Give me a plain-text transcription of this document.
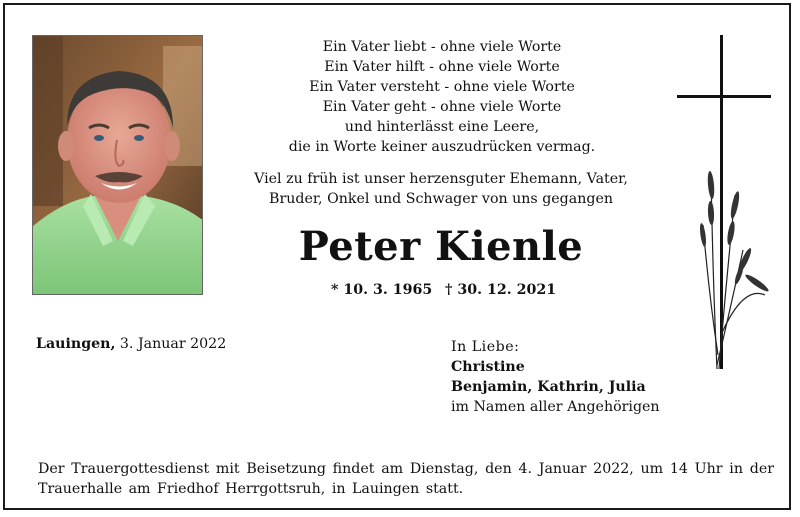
Ein Vater liebt - ohne viele Worte
Ein Vater hilft - ohne viele Worte
Ein Vater versteht - ohne viele Worte
Ein Vater geht - ohne viele Worte
und hinterlässt eine Leere,
die in Worte keiner auszudrücken vermag.
Viel zu früh ist unser herzensguter Ehemann, Vater,
Bruder, Onkel und Schwager von uns gegangen
Peter Kienle
* 10. 3. 1965 † 30. 12. 2021
Lauingen, 3. Januar 2022	In Liebe:
Christine
Benjamin, Kathrin, Julia
im Namen aller Angehörigen
Der Trauergottesdienst mit Beisetzung findet am Dienstag, den 4. Januar 2022, um 14 Uhr in der Trauerhalle am Friedhof Herrgottsruh, in Lauingen statt.
